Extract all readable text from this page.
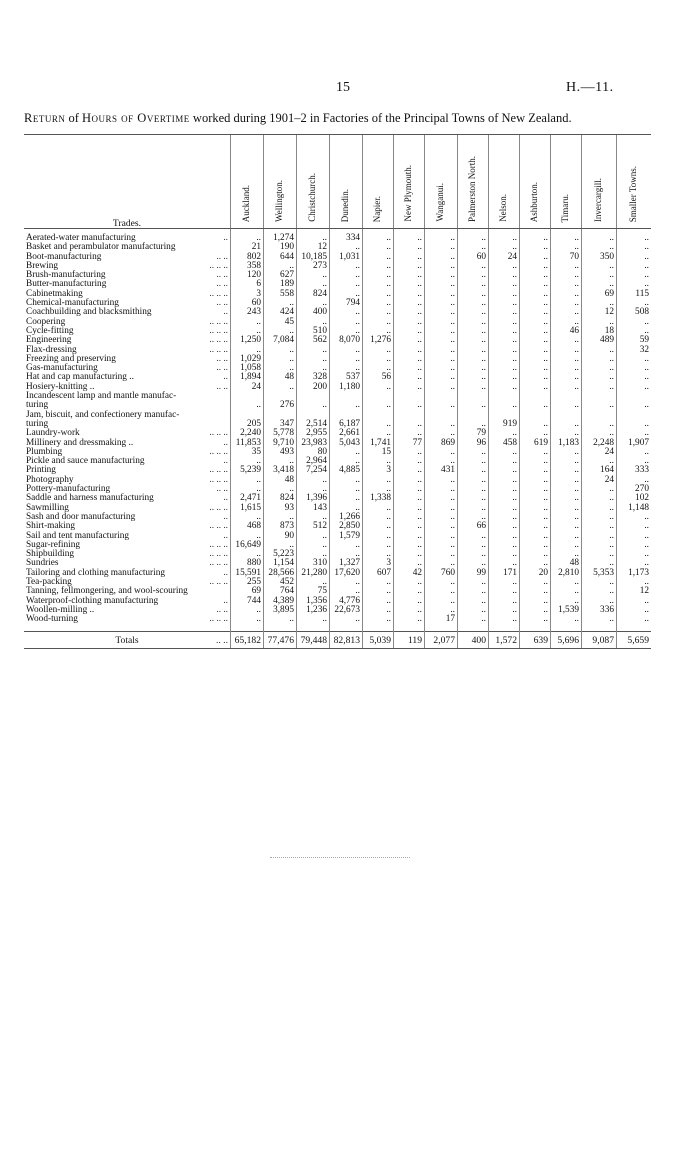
15	H.—11.
Return of Hours of Overtime worked during 1901–2 in Factories of the Principal Towns of New Zealand.
Trades.	Auckland.	Wellington.	Christchurch.	Dunedin.	Napier.	New Plymouth.	Wanganui.	Palmerston North.	Nelson.	Ashburton.	Timaru.	Invercargill.	Smaller Towns.

Aerated-water manufacturing ..	..	1,274	..	334	..	..	..	..	..	..	..	..	..
Basket and perambulator manufacturing	21	190	12	..	..	..	..	..	..	..	..	..	..
Boot-manufacturing .. ..	802	644	10,185	1,031	..	..	..	60	24	..	70	350	..
Brewing .. .. ..	358	..	273	..	..	..	..	..	..	..	..	..	..
Brush-manufacturing .. ..	120	627	..	..	..	..	..	..	..	..	..	..	..
Butter-manufacturing .. ..	6	189	..	..	..	..	..	..	..	..	..	..	..
Cabinetmaking .. .. ..	3	558	824	..	..	..	..	..	..	..	..	69	115
Chemical-manufacturing .. ..	60	..	..	794	..	..	..	..	..	..	..	..	..
Coachbuilding and blacksmithing ..	243	424	400	..	..	..	..	..	..	..	..	12	508
Coopering .. .. ..	..	45	..	..	..	..	..	..	..	..	..	..	..
Cycle-fitting .. .. ..	..	..	510	..	..	..	..	..	..	..	46	18	..
Engineering .. .. ..	1,250	7,084	562	8,070	1,276	..	..	..	..	..	..	489	59
Flax-dressing .. .. ..	..	..	..	..	..	..	..	..	..	..	..	..	32
Freezing and preserving .. ..	1,029	..	..	..	..	..	..	..	..	..	..	..	..
Gas-manufacturing .. ..	1,058	..	..	..	..	..	..	..	..	..	..	..	..
Hat and cap manufacturing .. ..	1,894	48	328	537	56	..	..	..	..	..	..	..	..
Hosiery-knitting .. .. ..	24	..	200	1,180	..	..	..	..	..	..	..	..	..
Incandescent lamp and mantle manufac-													
turing	..	276	..	..	..	..	..	..	..	..	..	..	..
Jam, biscuit, and confectionery manufac-													
turing	205	347	2,514	6,187	..	..	..	..	919	..	..	..	..
Laundry-work .. .. ..	2,240	5,778	2,955	2,661	..	..	..	79	..	..	..	..	..
Millinery and dressmaking .. ..	11,853	9,710	23,983	5,043	1,741	77	869	96	458	619	1,183	2,248	1,907
Plumbing .. .. ..	35	493	80	..	15	..	..	..	..	..	..	24	..
Pickle and sauce manufacturing ..	..	..	2,964	..	..	..	..	..	..	..	..	..	..
Printing .. .. ..	5,239	3,418	7,254	4,885	3	..	431	..	..	..	..	164	333
Photography .. .. ..	..	48	..	..	..	..	..	..	..	..	..	24	..
Pottery-manufacturing .. ..	..	..	..	..	..	..	..	..	..	..	..	..	270
Saddle and harness manufacturing ..	2,471	824	1,396	..	1,338	..	..	..	..	..	..	..	102
Sawmilling .. .. ..	1,615	93	143	..	..	..	..	..	..	..	..	..	1,148
Sash and door manufacturing ..	..	..	..	1,266	..	..	..	..	..	..	..	..	..
Shirt-making .. .. ..	468	873	512	2,850	..	..	..	66	..	..	..	..	..
Sail and tent manufacturing ..	..	90	..	1,579	..	..	..	..	..	..	..	..	..
Sugar-refining .. .. ..	16,649	..	..	..	..	..	..	..	..	..	..	..	..
Shipbuilding .. .. ..	..	5,223	..	..	..	..	..	..	..	..	..	..	..
Sundries .. .. ..	880	1,154	310	1,327	3	..	..	..	..	..	48	..	..
Tailoring and clothing manufacturing ..	15,591	28,566	21,280	17,620	607	42	760	99	171	20	2,810	5,353	1,173
Tea-packing .. .. ..	255	452	..	..	..	..	..	..	..	..	..	..	..
Tanning, fellmongering, and wool-scouring	69	764	75	..	..	..	..	..	..	..	..	..	12
Waterproof-clothing manufacturing ..	744	4,389	1,356	4,776	..	..	..	..	..	..	..	..	..
Woollen-milling .. .. ..	..	3,895	1,236	22,673	..	..	..	..	..	..	1,539	336	..
Wood-turning .. .. ..	..	..	..	..	..	..	17	..	..	..	..	..	..
Totals .. ..	65,182	77,476	79,448	82,813	5,039	119	2,077	400	1,572	639	5,696	9,087	5,659
